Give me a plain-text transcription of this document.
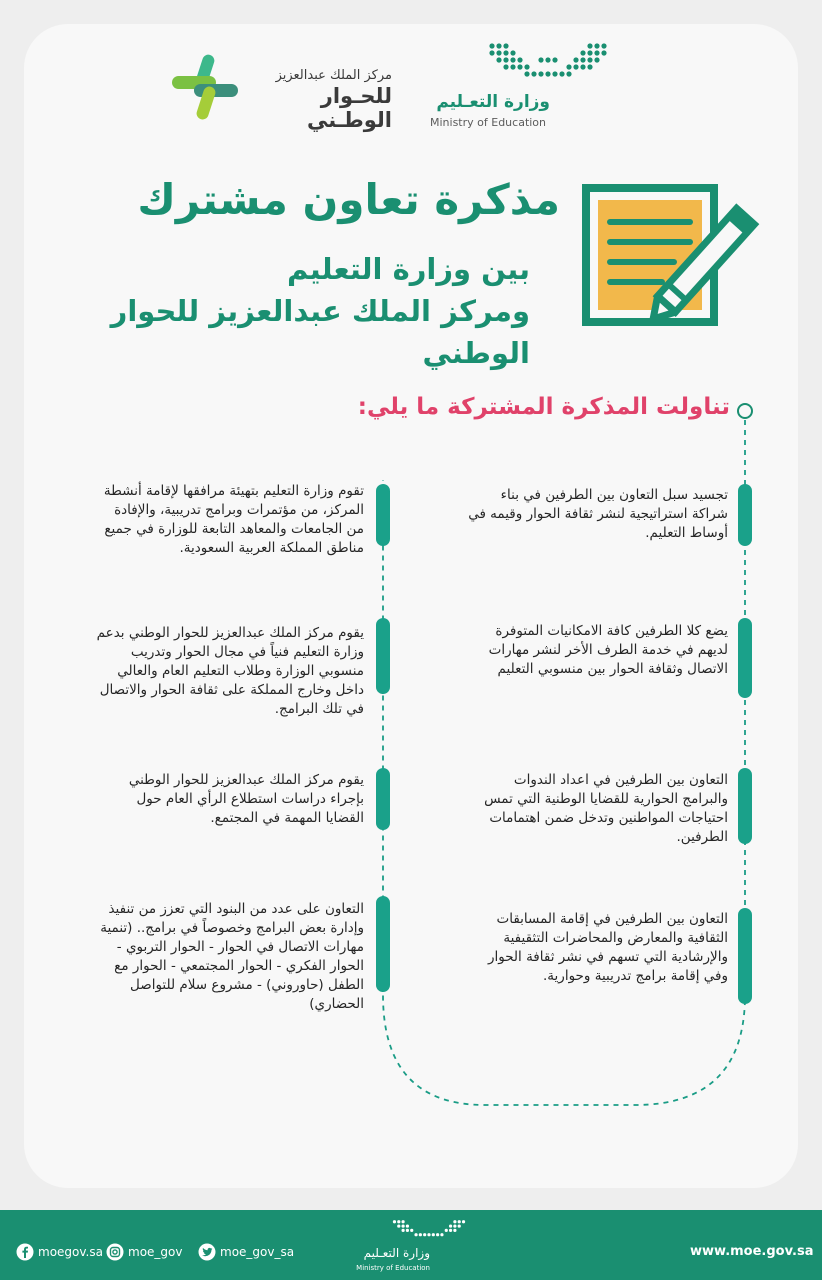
وزارة التعـليم
Ministry of Education
مركز الملك عبدالعزيز
للحـوار الوطـني
مذكرة تعاون مشترك
بين وزارة التعليم
ومركز الملك عبدالعزيز للحوار
الوطني
تناولت المذكرة المشتركة ما يلي:
تجسيد سبل التعاون بين الطرفين في بناء شراكة استراتيجية لنشر ثقافة الحوار وقيمه في أوساط التعليم.
يضع كلا الطرفين كافة الامكانيات المتوفرة لديهم في خدمة الطرف الأخر لنشر مهارات الاتصال وثقافة الحوار بين منسوبي التعليم
التعاون بين الطرفين في اعداد الندوات والبرامج الحوارية للقضايا الوطنية التي تمس احتياجات المواطنين وتدخل ضمن اهتمامات الطرفين.
التعاون بين الطرفين في إقامة المسابقات الثقافية والمعارض والمحاضرات التثقيفية والإرشادية التي تسهم في نشر ثقافة الحوار وفي إقامة برامج تدريبية وحوارية.
تقوم وزارة التعليم بتهيئة مرافقها لإقامة أنشطة المركز، من مؤتمرات وبرامج تدريبية، والإفادة من الجامعات والمعاهد التابعة للوزارة في جميع مناطق المملكة العربية السعودية.
يقوم مركز الملك عبدالعزيز للحوار الوطني بدعم وزارة التعليم فنياً في مجال الحوار وتدريب منسوبي الوزارة وطلاب التعليم العام والعالي داخل وخارج المملكة على ثقافة الحوار والاتصال في تلك البرامج.
يقوم مركز الملك عبدالعزيز للحوار الوطني بإجراء دراسات استطلاع الرأي العام حول القضايا المهمة في المجتمع.
التعاون على عدد من البنود التي تعزز من تنفيذ وإدارة بعض البرامج وخصوصاً في برامج.. (تنمية مهارات الاتصال في الحوار - الحوار التربوي - الحوار الفكري - الحوار المجتمعي - الحوار مع الطفل (حاوروني) - مشروع سلام للتواصل الحضاري)
moegov.sa moe_gov	moe_gov_sa	وزارة التعـليم
Ministry of Education
www.moe.gov.sa
